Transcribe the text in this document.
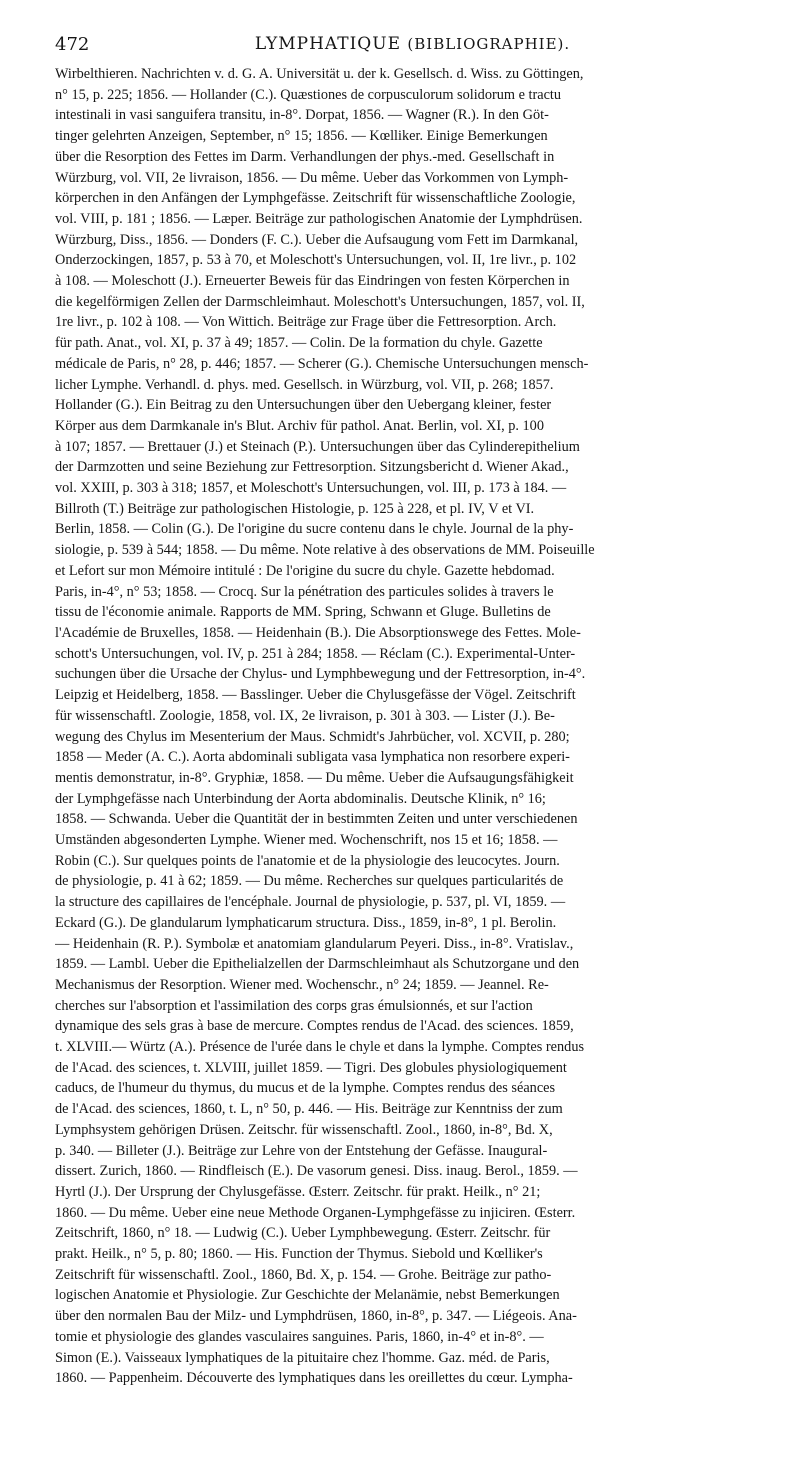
472	LYMPHATIQUE (BIBLIOGRAPHIE).
Wirbelthieren. Nachrichten v. d. G. A. Universität u. der k. Gesellsch. d. Wiss. zu Göttingen,
n° 15, p. 225; 1856. — Hollander (C.). Quæstiones de corpusculorum solidorum e tractu
intestinali in vasi sanguifera transitu, in-8°. Dorpat, 1856. — Wagner (R.). In den Göt-
tinger gelehrten Anzeigen, September, n° 15; 1856. — Kœlliker. Einige Bemerkungen
über die Resorption des Fettes im Darm. Verhandlungen der phys.-med. Gesellschaft in
Würzburg, vol. VII, 2e livraison, 1856. — Du même. Ueber das Vorkommen von Lymph-
körperchen in den Anfängen der Lymphgefässe. Zeitschrift für wissenschaftliche Zoologie,
vol. VIII, p. 181 ; 1856. — Læper. Beiträge zur pathologischen Anatomie der Lymphdrüsen.
Würzburg, Diss., 1856. — Donders (F. C.). Ueber die Aufsaugung vom Fett im Darmkanal,
Onderzockingen, 1857, p. 53 à 70, et Moleschott's Untersuchungen, vol. II, 1re livr., p. 102
à 108. — Moleschott (J.). Erneuerter Beweis für das Eindringen von festen Körperchen in
die kegelförmigen Zellen der Darmschleimhaut. Moleschott's Untersuchungen, 1857, vol. II,
1re livr., p. 102 à 108. — Von Wittich. Beiträge zur Frage über die Fettresorption. Arch.
für path. Anat., vol. XI, p. 37 à 49; 1857. — Colin. De la formation du chyle. Gazette
médicale de Paris, n° 28, p. 446; 1857. — Scherer (G.). Chemische Untersuchungen mensch-
licher Lymphe. Verhandl. d. phys. med. Gesellsch. in Würzburg, vol. VII, p. 268; 1857.
Hollander (G.). Ein Beitrag zu den Untersuchungen über den Uebergang kleiner, fester
Körper aus dem Darmkanale in's Blut. Archiv für pathol. Anat. Berlin, vol. XI, p. 100
à 107; 1857. — Brettauer (J.) et Steinach (P.). Untersuchungen über das Cylinderepithelium
der Darmzotten und seine Beziehung zur Fettresorption. Sitzungsbericht d. Wiener Akad.,
vol. XXIII, p. 303 à 318; 1857, et Moleschott's Untersuchungen, vol. III, p. 173 à 184. —
Billroth (T.) Beiträge zur pathologischen Histologie, p. 125 à 228, et pl. IV, V et VI.
Berlin, 1858. — Colin (G.). De l'origine du sucre contenu dans le chyle. Journal de la phy-
siologie, p. 539 à 544; 1858. — Du même. Note relative à des observations de MM. Poiseuille
et Lefort sur mon Mémoire intitulé : De l'origine du sucre du chyle. Gazette hebdomad.
Paris, in-4°, n° 53; 1858. — Crocq. Sur la pénétration des particules solides à travers le
tissu de l'économie animale. Rapports de MM. Spring, Schwann et Gluge. Bulletins de
l'Académie de Bruxelles, 1858. — Heidenhain (B.). Die Absorptionswege des Fettes. Mole-
schott's Untersuchungen, vol. IV, p. 251 à 284; 1858. — Réclam (C.). Experimental-Unter-
suchungen über die Ursache der Chylus- und Lymphbewegung und der Fettresorption, in-4°.
Leipzig et Heidelberg, 1858. — Basslinger. Ueber die Chylusgefässe der Vögel. Zeitschrift
für wissenschaftl. Zoologie, 1858, vol. IX, 2e livraison, p. 301 à 303. — Lister (J.). Be-
wegung des Chylus im Mesenterium der Maus. Schmidt's Jahrbücher, vol. XCVII, p. 280;
1858 — Meder (A. C.). Aorta abdominali subligata vasa lymphatica non resorbere experi-
mentis demonstratur, in-8°. Gryphiæ, 1858. — Du même. Ueber die Aufsaugungsfähigkeit
der Lymphgefässe nach Unterbindung der Aorta abdominalis. Deutsche Klinik, n° 16;
1858. — Schwanda. Ueber die Quantität der in bestimmten Zeiten und unter verschiedenen
Umständen abgesonderten Lymphe. Wiener med. Wochenschrift, nos 15 et 16; 1858. —
Robin (C.). Sur quelques points de l'anatomie et de la physiologie des leucocytes. Journ.
de physiologie, p. 41 à 62; 1859. — Du même. Recherches sur quelques particularités de
la structure des capillaires de l'encéphale. Journal de physiologie, p. 537, pl. VI, 1859. —
Eckard (G.). De glandularum lymphaticarum structura. Diss., 1859, in-8°, 1 pl. Berolin.
— Heidenhain (R. P.). Symbolæ et anatomiam glandularum Peyeri. Diss., in-8°. Vratislav.,
1859. — Lambl. Ueber die Epithelialzellen der Darmschleimhaut als Schutzorgane und den
Mechanismus der Resorption. Wiener med. Wochenschr., n° 24; 1859. — Jeannel. Re-
cherches sur l'absorption et l'assimilation des corps gras émulsionnés, et sur l'action
dynamique des sels gras à base de mercure. Comptes rendus de l'Acad. des sciences. 1859,
t. XLVIII.— Würtz (A.). Présence de l'urée dans le chyle et dans la lymphe. Comptes rendus
de l'Acad. des sciences, t. XLVIII, juillet 1859. — Tigri. Des globules physiologiquement
caducs, de l'humeur du thymus, du mucus et de la lymphe. Comptes rendus des séances
de l'Acad. des sciences, 1860, t. L, n° 50, p. 446. — His. Beiträge zur Kenntniss der zum
Lymphsystem gehörigen Drüsen. Zeitschr. für wissenschaftl. Zool., 1860, in-8°, Bd. X,
p. 340. — Billeter (J.). Beiträge zur Lehre von der Entstehung der Gefässe. Inaugural-
dissert. Zurich, 1860. — Rindfleisch (E.). De vasorum genesi. Diss. inaug. Berol., 1859. —
Hyrtl (J.). Der Ursprung der Chylusgefässe. Œsterr. Zeitschr. für prakt. Heilk., n° 21;
1860. — Du même. Ueber eine neue Methode Organen-Lymphgefässe zu injiciren. Œsterr.
Zeitschrift, 1860, n° 18. — Ludwig (C.). Ueber Lymphbewegung. Œsterr. Zeitschr. für
prakt. Heilk., n° 5, p. 80; 1860. — His. Function der Thymus. Siebold und Kœlliker's
Zeitschrift für wissenschaftl. Zool., 1860, Bd. X, p. 154. — Grohe. Beiträge zur patho-
logischen Anatomie et Physiologie. Zur Geschichte der Melanämie, nebst Bemerkungen
über den normalen Bau der Milz- und Lymphdrüsen, 1860, in-8°, p. 347. — Liégeois. Ana-
tomie et physiologie des glandes vasculaires sanguines. Paris, 1860, in-4° et in-8°. —
Simon (E.). Vaisseaux lymphatiques de la pituitaire chez l'homme. Gaz. méd. de Paris,
1860. — Pappenheim. Découverte des lymphatiques dans les oreillettes du cœur. Lympha-
